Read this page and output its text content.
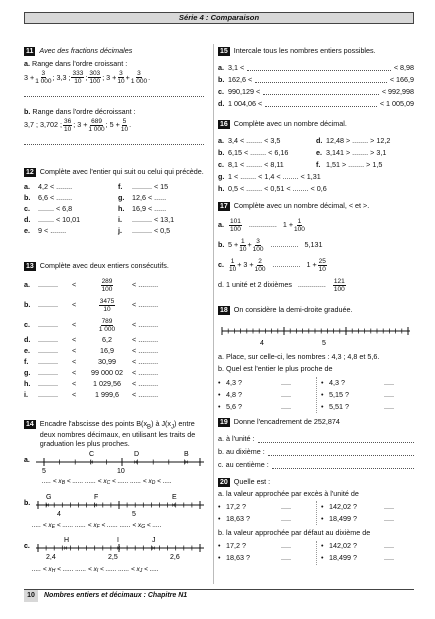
Série 4 : Comparaison
11 Avec des fractions décimales
a. Range dans l'ordre croissant :
$3 + \frac{3}{1 000}$ ; 3,3 ; $\frac{333}{10}$ ; $\frac{303}{100}$ ; $3 + \frac{3}{10} + \frac{3}{1 000}$ .
b. Range dans l'ordre décroissant :
3,7 ; 3,702 ; $\frac{36}{10}$ ; $3 + \frac{689}{1 000}$ ; $5 + \frac{5}{10}$ .
12 Complète avec l'entier qui suit ou celui qui précède.
a.	4,2 < ........	f.	.......... < 15
b.	6,6 < ........	g.	12,6 < ......
c.	........ < 6,8	h.	16,9 < ......
d.	........ < 10,01	i.	.......... < 13,1
e.	9 < ........	j.	.......... < 0,5
13 Complète avec deux entiers consécutifs.
a.	..........	<	$\frac{289}{100}$	< ..........
b.	..........	<	$\frac{3475}{10}$ < ..........
c.	..........	<	$\frac{789}{1 000}$ < ..........
d.	..........	<	6,2	< ..........
e.	..........	<	16,9	< ..........
f.	..........	<	30,99	< ..........
g.	..........	<	99 000 02	< ..........
h.	..........	<	1 029,56	< ..........
i.	..........	<	1 999,6	< ..........
14 Encadre l'abscisse des points $B(x_B)$ à $J(x_J)$ entre deux nombres décimaux, en utilisant les traits de graduation les plus proches.
a.	×	×	×
C	D	B
5	10
..... < xB < ...... ...... < xC < ...... ...... < xD < .....
b. ×	×	×
G	F	E
4	5
..... < xE < ...... ...... < xF < ...... ...... < xG < .....
c.	×	×	×
H	I	J
2,4	2,5	2,6
..... < xH < ...... ...... < xI < ...... ...... < xJ < .....
15 Intercale tous les nombres entiers possibles.
a. 3,1 <	< 8,98
b. 162,6 <	< 166,9
c. 990,129 <	< 992,998
d. 1 004,06 <	< 1 005,09
16 Complète avec un nombre décimal.
a. 3,4 < ........ < 3,5	d. 12,48 > ........ > 12,2
b. 6,15 < ........ < 6,16	e. 3,141 > ........ > 3,1
c. 8,1 < ........ < 8,11	f. 1,51 > ........ > 1,5
g. 1 < ........ < 1,4 < ........ < 1,31
h. 0,5 < ........ < 0,51 < ........ < 0,6
17 Complète avec un nombre décimal, < et >.
a. $\frac{101}{100}$ .............. $1 + \frac{1}{100}$
b. $5 + \frac{1}{10} + \frac{3}{100}$ .............. 5,131
c. $\frac{1}{10} + 3 + \frac{2}{100}$ .............. $1 + \frac{25}{10}$
d. 1 unité et 2 dixièmes .............. $\frac{121}{100}$
18 On considère la demi-droite graduée.
4	5
a. Place, sur celle-ci, les nombres : 4,3 ; 4,8 et 5,6.
b. Quel est l'entier le plus proche de
• 4,3 ?	.....
• 4,8 ?	.....
• 5,6 ?	.....
• 4,3 ?	.....
• 5,15 ?	.....
• 5,51 ?	.....
19 Donne l'encadrement de 252,874
a. à l'unité :
b. au dixième :
c. au centième :
20 Quelle est :
a. la valeur approchée par excès à l'unité de
• 17,2 ?	.....
• 18,63 ?	.....
• 142,02 ?	.....
• 18,499 ?	.....
b. la valeur approchée par défaut au dixième de
• 17,2 ?	.....
• 18,63 ?	.....
• 142,02 ?	.....
• 18,499 ?	.....
10	Nombres entiers et décimaux : Chapitre N1
